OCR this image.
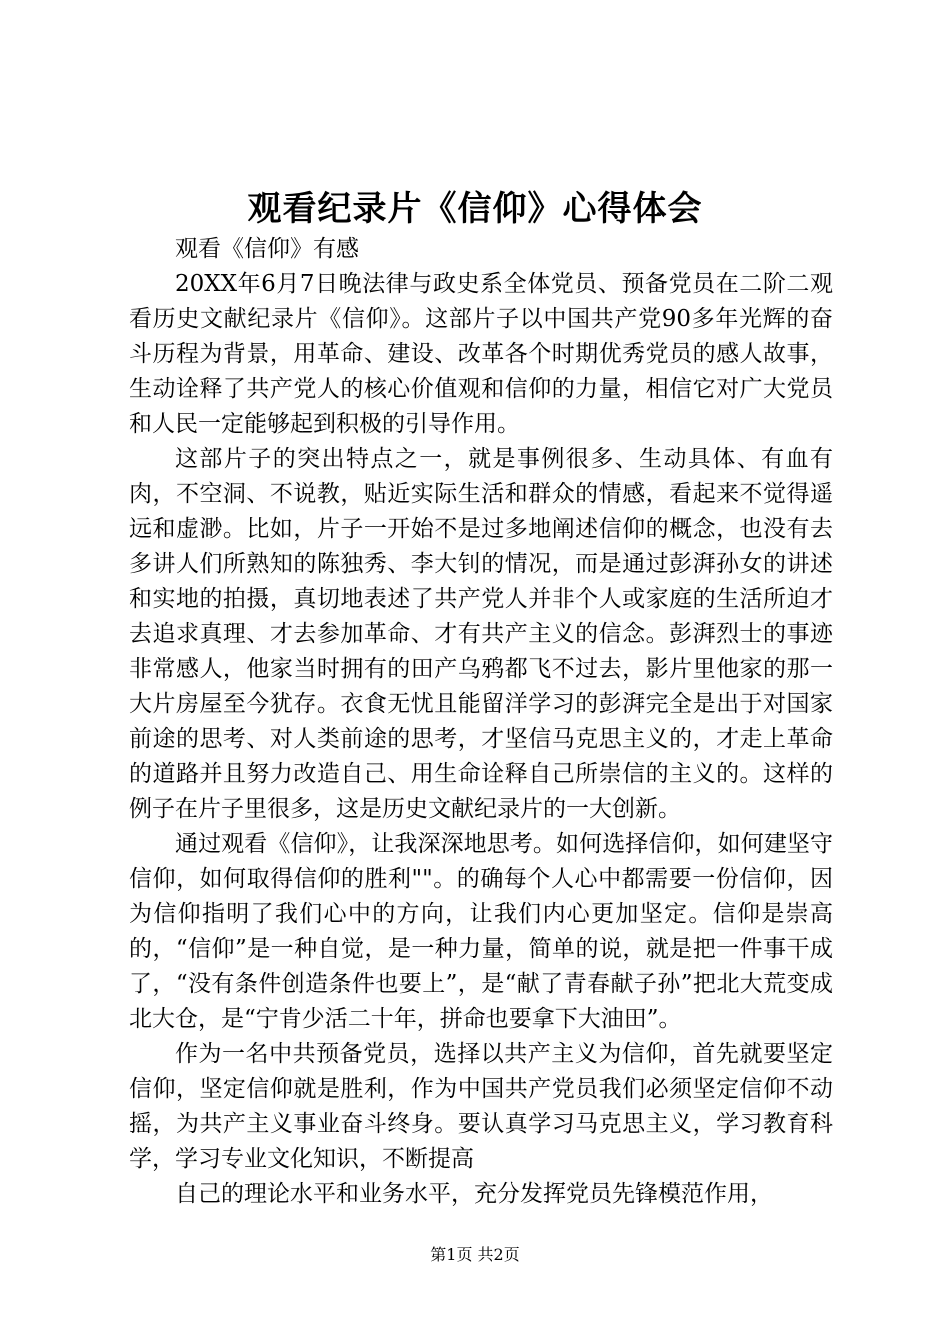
观看纪录片《信仰》心得体会

观看《信仰》有感

20XX年6月7日晚法律与政史系全体党员、预备党员在二阶二观看历史文献纪录片《信仰》。这部片子以中国共产党90多年光辉的奋斗历程为背景，用革命、建设、改革各个时期优秀党员的感人故事，生动诠释了共产党人的核心价值观和信仰的力量，相信它对广大党员和人民一定能够起到积极的引导作用。

这部片子的突出特点之一，就是事例很多、生动具体、有血有肉，不空洞、不说教，贴近实际生活和群众的情感，看起来不觉得遥远和虚渺。比如，片子一开始不是过多地阐述信仰的概念，也没有去多讲人们所熟知的陈独秀、李大钊的情况，而是通过彭湃孙女的讲述和实地的拍摄，真切地表述了共产党人并非个人或家庭的生活所迫才去追求真理、才去参加革命、才有共产主义的信念。彭湃烈士的事迹非常感人，他家当时拥有的田产乌鸦都飞不过去，影片里他家的那一大片房屋至今犹存。衣食无忧且能留洋学习的彭湃完全是出于对国家前途的思考、对人类前途的思考，才坚信马克思主义的，才走上革命的道路并且努力改造自己、用生命诠释自己所崇信的主义的。这样的例子在片子里很多，这是历史文献纪录片的一大创新。

通过观看《信仰》，让我深深地思考。如何选择信仰，如何建坚守信仰，如何取得信仰的胜利""。的确每个人心中都需要一份信仰，因为信仰指明了我们心中的方向，让我们内心更加坚定。信仰是崇高的，“信仰”是一种自觉，是一种力量，简单的说，就是把一件事干成了，“没有条件创造条件也要上”，是“献了青春献子孙”把北大荒变成北大仓，是“宁肯少活二十年，拼命也要拿下大油田”。

作为一名中共预备党员，选择以共产主义为信仰，首先就要坚定信仰，坚定信仰就是胜利，作为中国共产党员我们必须坚定信仰不动摇，为共产主义事业奋斗终身。要认真学习马克思主义，学习教育科学，学习专业文化知识，不断提高

自己的理论水平和业务水平，充分发挥党员先锋模范作用，

第1页 共2页
